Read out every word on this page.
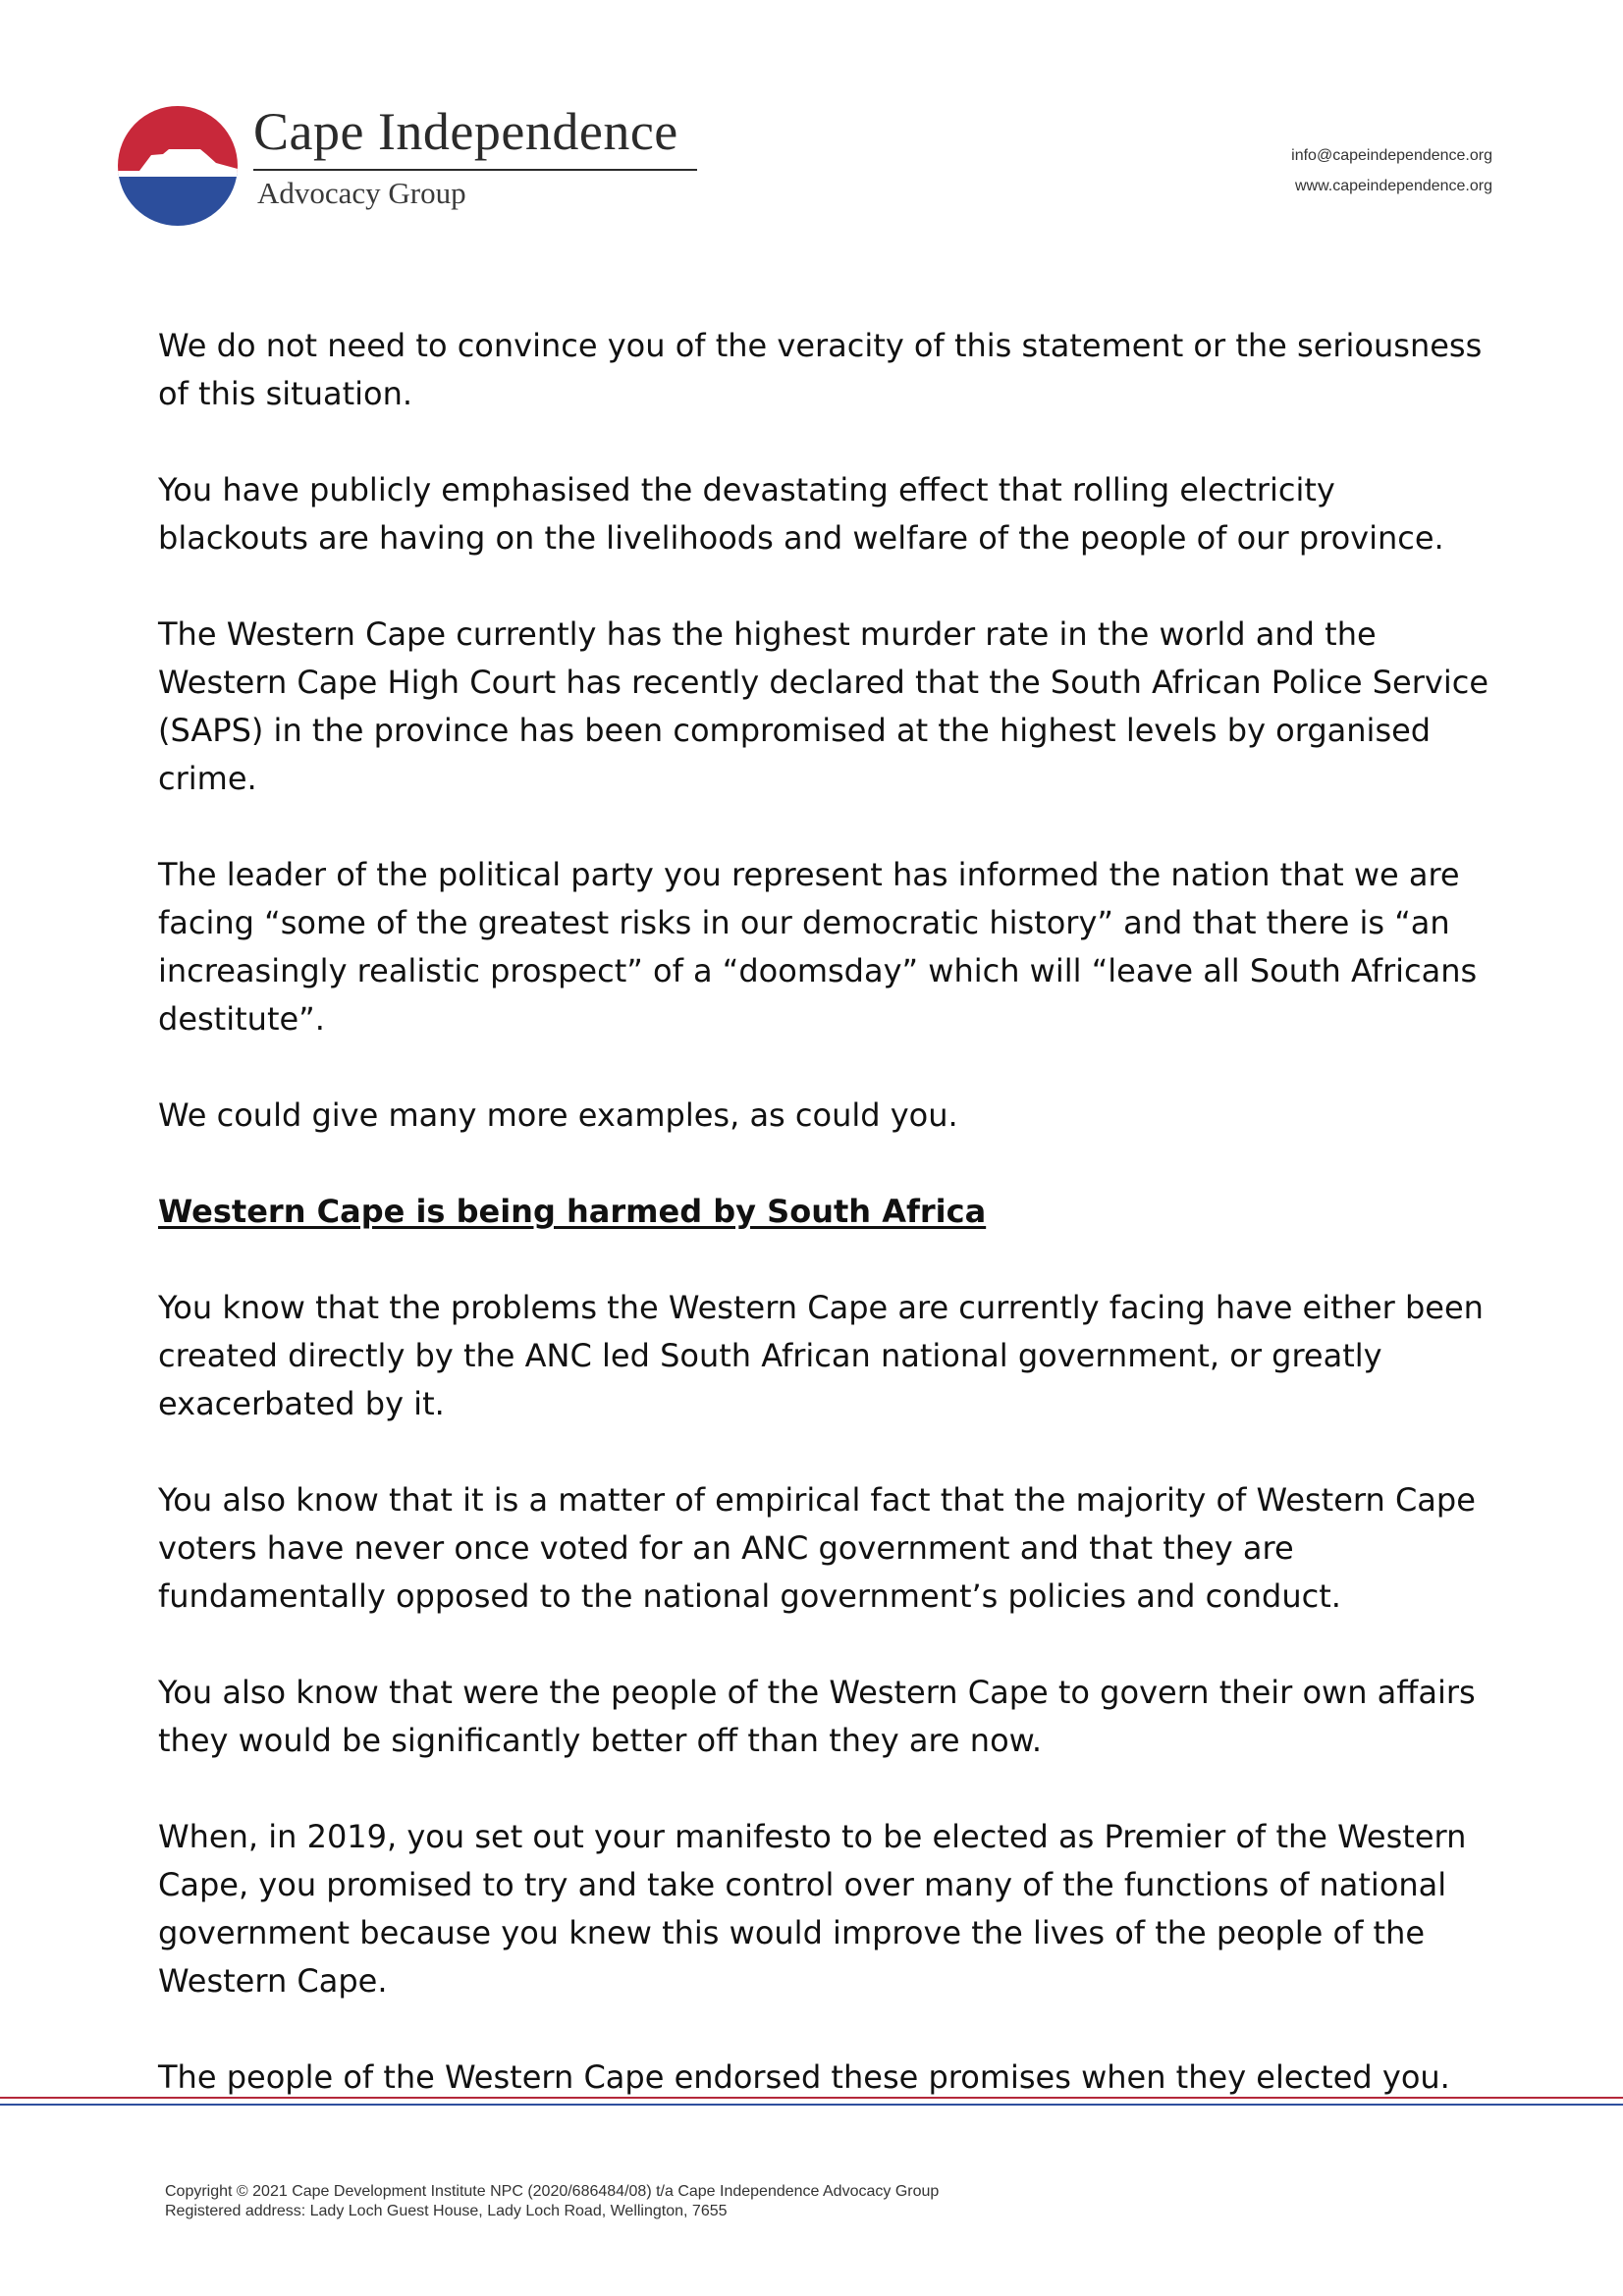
Cape Independence
Advocacy Group
info@capeindependence.org
www.capeindependence.org

We do not need to convince you of the veracity of this statement or the seriousness of this situation.

You have publicly emphasised the devastating effect that rolling electricity blackouts are having on the livelihoods and welfare of the people of our province.

The Western Cape currently has the highest murder rate in the world and the Western Cape High Court has recently declared that the South African Police Service (SAPS) in the province has been compromised at the highest levels by organised crime.

The leader of the political party you represent has informed the nation that we are facing “some of the greatest risks in our democratic history” and that there is “an increasingly realistic prospect” of a “doomsday” which will “leave all South Africans destitute”.

We could give many more examples, as could you.

Western Cape is being harmed by South Africa

You know that the problems the Western Cape are currently facing have either been created directly by the ANC led South African national government, or greatly exacerbated by it.

You also know that it is a matter of empirical fact that the majority of Western Cape voters have never once voted for an ANC government and that they are fundamentally opposed to the national government’s policies and conduct.

You also know that were the people of the Western Cape to govern their own affairs they would be significantly better off than they are now.

When, in 2019, you set out your manifesto to be elected as Premier of the Western Cape, you promised to try and take control over many of the functions of national government because you knew this would improve the lives of the people of the Western Cape.

The people of the Western Cape endorsed these promises when they elected you.

Copyright © 2021 Cape Development Institute NPC (2020/686484/08) t/a Cape Independence Advocacy Group
Registered address: Lady Loch Guest House, Lady Loch Road, Wellington, 7655
